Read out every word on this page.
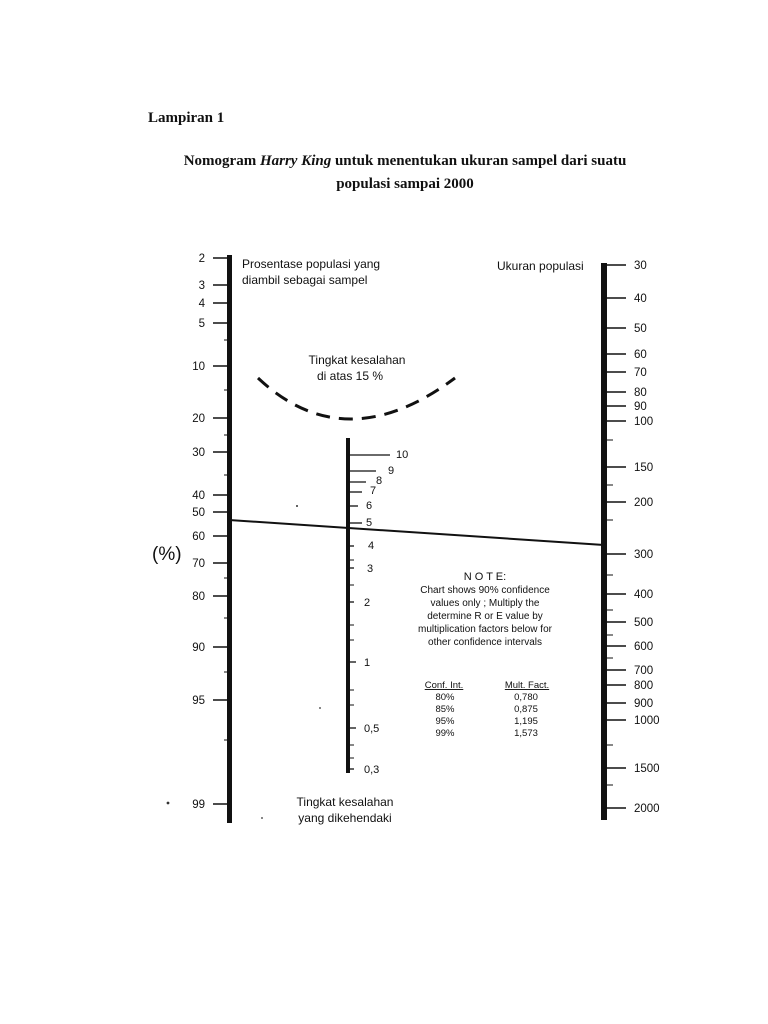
Lampiran 1
Nomogram Harry King untuk menentukan ukuran sampel dari suatu
populasi sampai 2000
2
3
4
5
10
20
30
40
50
60
70
80
90
95
99
30
40
50
60
70
80
90
100
150
200
300
400
500
600
700
800
900
1000
1500
2000
10
9
8
7
6
5
4
3
2
1
0,5
0,3
Prosentase populasi yang
diambil sebagai sampel
(%)
Ukuran populasi
Tingkat kesalahan
di atas 15 %
Tingkat kesalahan
yang dikehendaki
N O T E:
Chart shows 90% confidence
values only ; Multiply the
determine R or E value by
multiplication factors below for
other confidence intervals
Conf. Int.	Mult. Fact.
80%	0,780
85%	0,875
95%	1,195
99%	1,573
